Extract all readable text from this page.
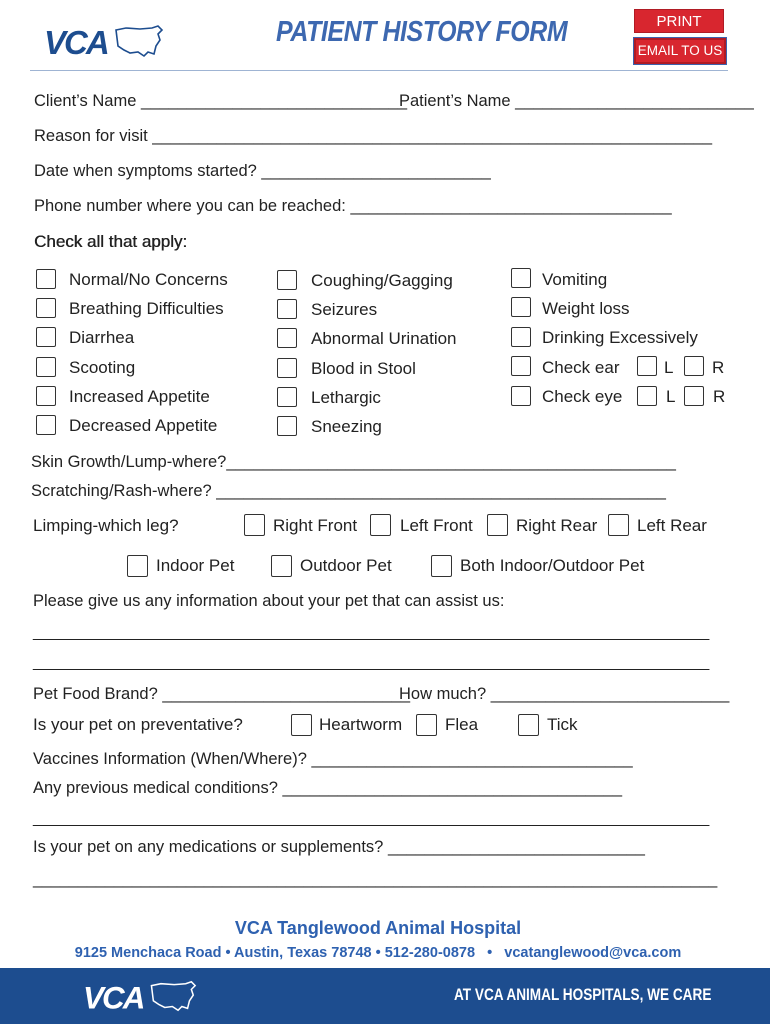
VCA	PATIENT HISTORY FORM	PRINT
EMAIL TO US
Client’s Name _____________________________
Patient’s Name __________________________
Reason for visit _____________________________________________________________
Date when symptoms started? _________________________
Phone number where you can be reached: ___________________________________
Check all that apply:
Normal/No Concerns
Breathing Difficulties
Diarrhea
Scooting
Increased Appetite
Decreased Appetite
Coughing/Gagging
Seizures
Abnormal Urination
Blood in Stool
Lethargic
Sneezing
Vomiting
Weight loss
Drinking Excessively
Check ear	L R
Check eye	L R
Skin Growth/Lump-where?_________________________________________________
Scratching/Rash-where? _________________________________________________
Limping-which leg?	Right Front	Left Front	Right Rear Left Rear
Indoor Pet	Outdoor Pet	Both Indoor/Outdoor Pet
Please give us any information about your pet that can assist us:
____________________________________________________________________________
____________________________________________________________________________
Pet Food Brand? ___________________________
How much? __________________________
Is your pet on preventative?	Heartworm	Flea	Tick
Vaccines Information (When/Where)? ___________________________________
Any previous medical conditions? _____________________________________
____________________________________________________________________________
Is your pet on any medications or supplements? ____________________________
____________________________________________________________________________
VCA Tanglewood Animal Hospital
9125 Menchaca Road • Austin, Texas 78748 • 512-280-0878   •   vcatanglewood@vca.com
VCA	AT VCA ANIMAL HOSPITALS, WE CARE
